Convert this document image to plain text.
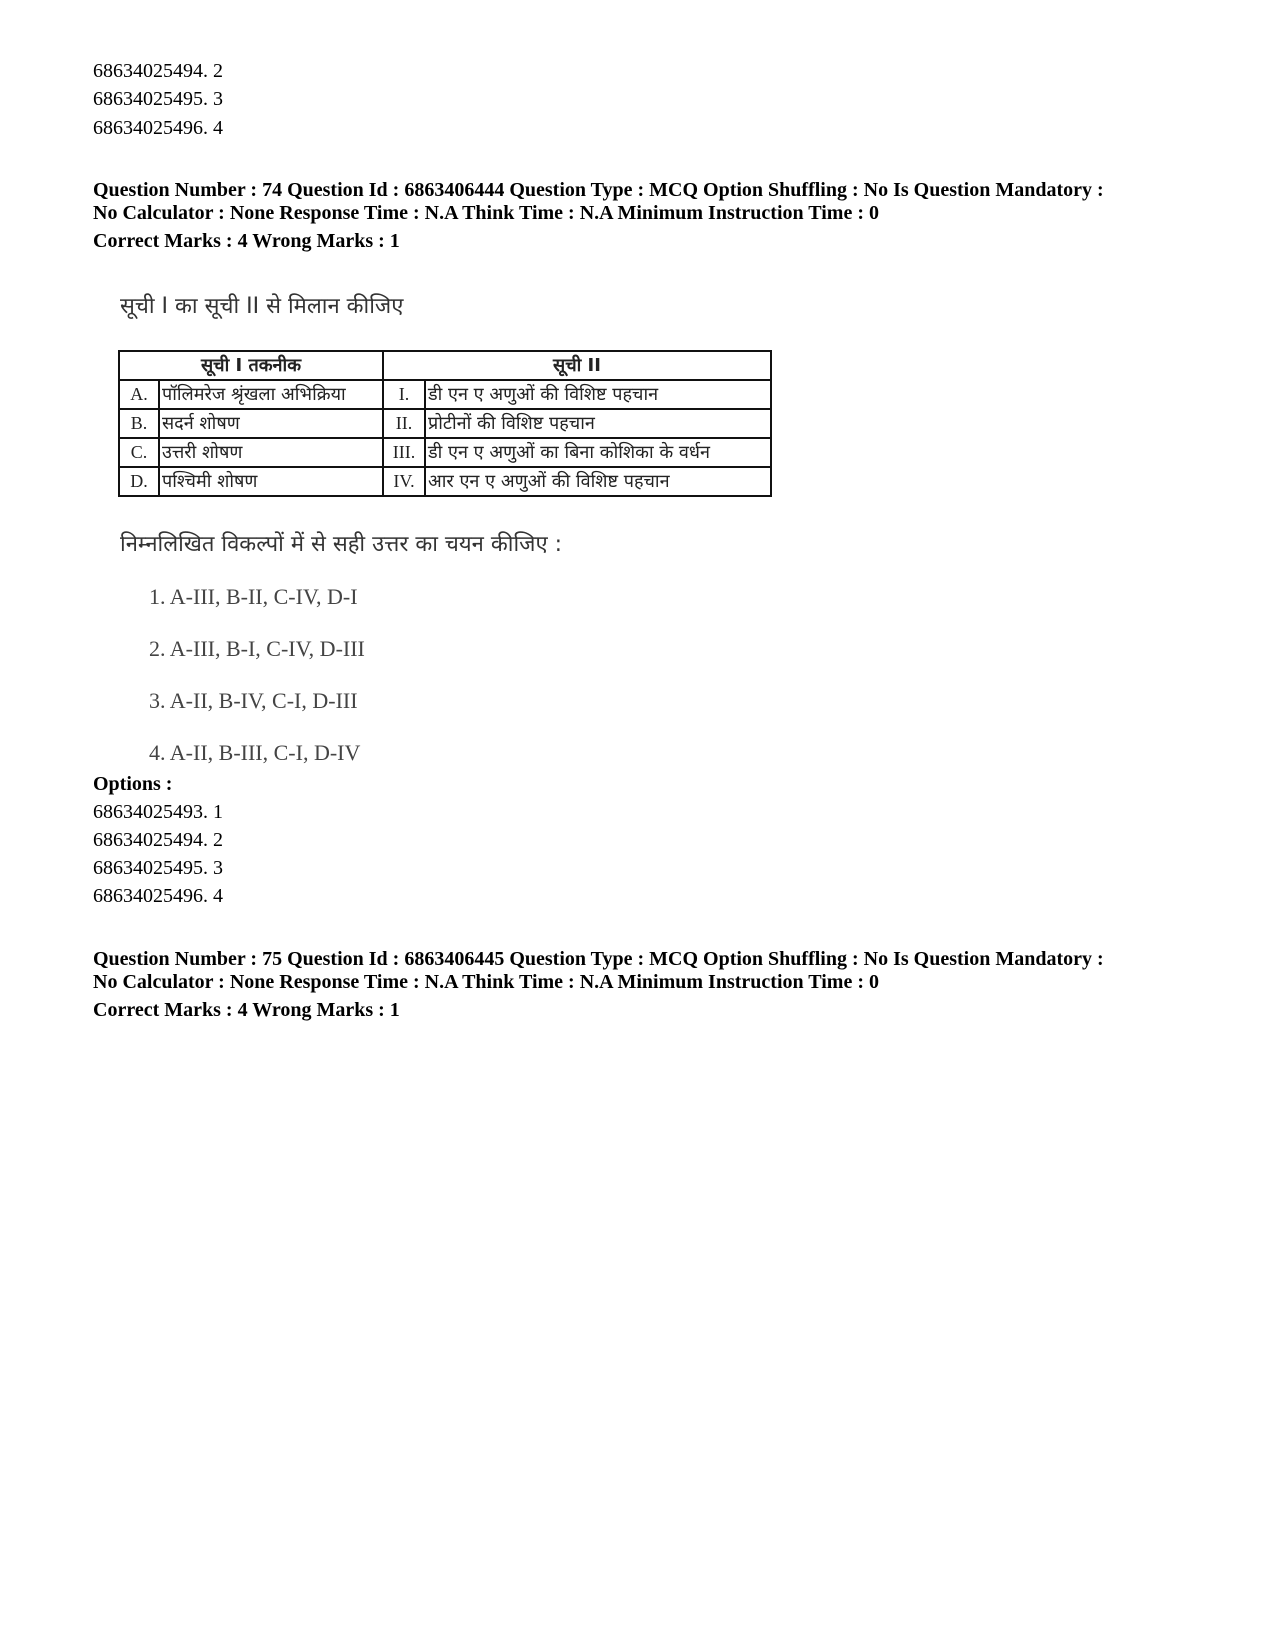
68634025494. 2
68634025495. 3
68634025496. 4
Question Number : 74 Question Id : 6863406444 Question Type : MCQ Option Shuffling : No Is Question Mandatory :
No Calculator : None Response Time : N.A Think Time : N.A Minimum Instruction Time : 0
Correct Marks : 4 Wrong Marks : 1
सूची I का सूची II से मिलान कीजिए
सूची I तकनीक		सूची II	
A.	पॉलिमरेज श्रृंखला अभिक्रिया	I.	डी एन ए अणुओं की विशिष्ट पहचान
B.	सदर्न शोषण	II.	प्रोटीनों की विशिष्ट पहचान
C.	उत्तरी शोषण	III.	डी एन ए अणुओं का बिना कोशिका के वर्धन
D.	पश्चिमी शोषण	IV.	आर एन ए अणुओं की विशिष्ट पहचान
निम्नलिखित विकल्पों में से सही उत्तर का चयन कीजिए :
1. A-III, B-II, C-IV, D-I
2. A-III, B-I, C-IV, D-III
3. A-II, B-IV, C-I, D-III
4. A-II, B-III, C-I, D-IV
Options :
68634025493. 1
68634025494. 2
68634025495. 3
68634025496. 4
Question Number : 75 Question Id : 6863406445 Question Type : MCQ Option Shuffling : No Is Question Mandatory :
No Calculator : None Response Time : N.A Think Time : N.A Minimum Instruction Time : 0
Correct Marks : 4 Wrong Marks : 1
